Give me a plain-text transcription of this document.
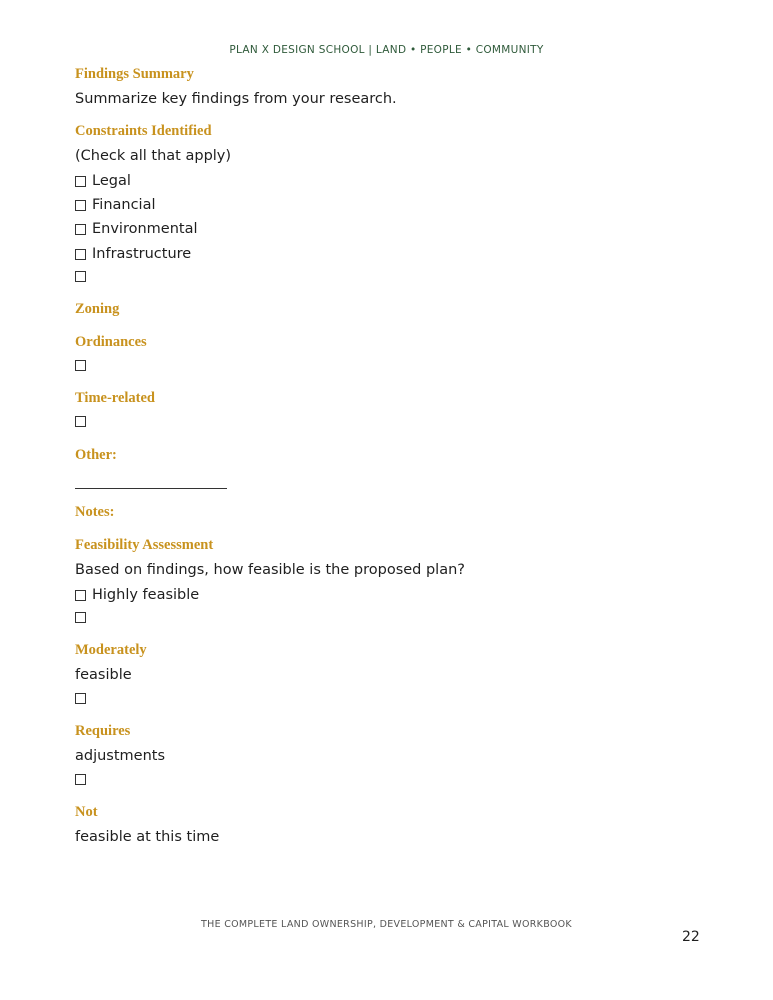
PLAN X DESIGN SCHOOL | LAND • PEOPLE • COMMUNITY
Findings Summary
Summarize key findings from your research.
Constraints Identified
(Check all that apply)
Legal
Financial
Environmental
Infrastructure
Zoning
Ordinances
Time-related
Other:
Notes:
Feasibility Assessment
Based on findings, how feasible is the proposed plan?
Highly feasible
Moderately
feasible
Requires
adjustments
Not
feasible at this time
THE COMPLETE LAND OWNERSHIP, DEVELOPMENT & CAPITAL WORKBOOK
22
